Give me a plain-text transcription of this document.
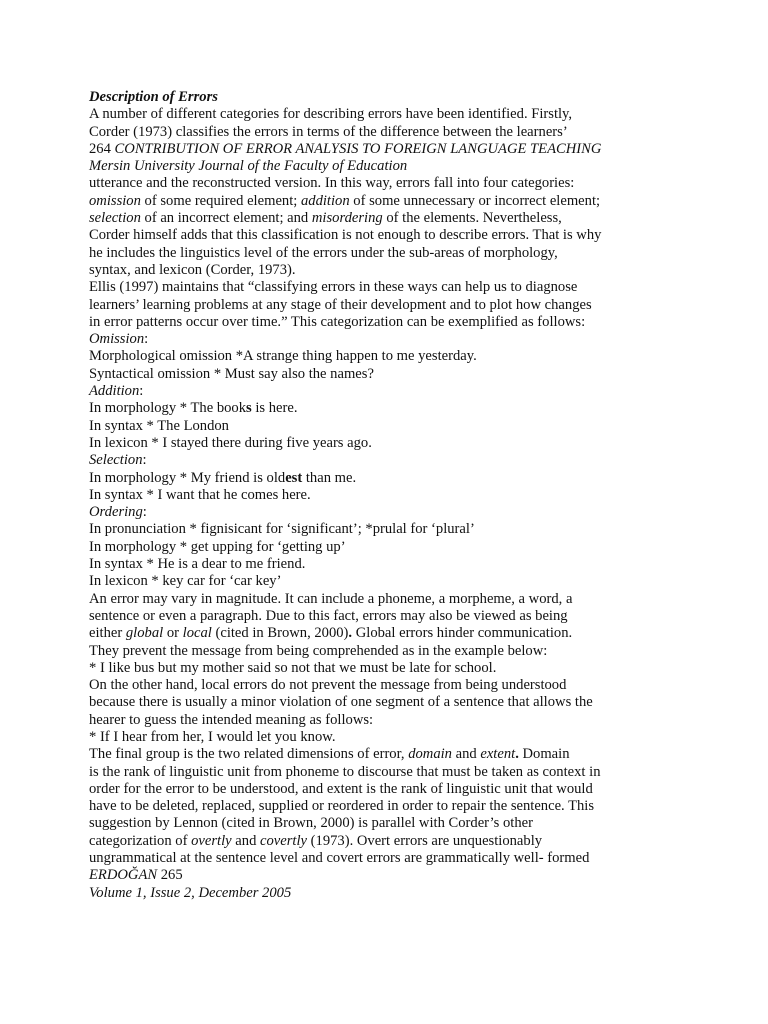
Description of Errors
A number of different categories for describing errors have been identified. Firstly,
Corder (1973) classifies the errors in terms of the difference between the learners’
264 CONTRIBUTION OF ERROR ANALYSIS TO FOREIGN LANGUAGE TEACHING
Mersin University Journal of the Faculty of Education
utterance and the reconstructed version. In this way, errors fall into four categories:
omission of some required element; addition of some unnecessary or incorrect element;
selection of an incorrect element; and misordering of the elements. Nevertheless,
Corder himself adds that this classification is not enough to describe errors. That is why
he includes the linguistics level of the errors under the sub-areas of morphology,
syntax, and lexicon (Corder, 1973).
Ellis (1997) maintains that “classifying errors in these ways can help us to diagnose
learners’ learning problems at any stage of their development and to plot how changes
in error patterns occur over time.” This categorization can be exemplified as follows:
Omission:
Morphological omission *A strange thing happen to me yesterday.
Syntactical omission * Must say also the names?
Addition:
In morphology * The books is here.
In syntax * The London
In lexicon * I stayed there during five years ago.
Selection:
In morphology * My friend is oldest than me.
In syntax * I want that he comes here.
Ordering:
In pronunciation * fignisicant for ‘significant’; *prulal for ‘plural’
In morphology * get upping for ‘getting up’
In syntax * He is a dear to me friend.
In lexicon * key car for ‘car key’
An error may vary in magnitude. It can include a phoneme, a morpheme, a word, a
sentence or even a paragraph. Due to this fact, errors may also be viewed as being
either global or local (cited in Brown, 2000). Global errors hinder communication.
They prevent the message from being comprehended as in the example below:
* I like bus but my mother said so not that we must be late for school.
On the other hand, local errors do not prevent the message from being understood
because there is usually a minor violation of one segment of a sentence that allows the
hearer to guess the intended meaning as follows:
* If I hear from her, I would let you know.
The final group is the two related dimensions of error, domain and extent. Domain
is the rank of linguistic unit from phoneme to discourse that must be taken as context in
order for the error to be understood, and extent is the rank of linguistic unit that would
have to be deleted, replaced, supplied or reordered in order to repair the sentence. This
suggestion by Lennon (cited in Brown, 2000) is parallel with Corder’s other
categorization of overtly and covertly (1973). Overt errors are unquestionably
ungrammatical at the sentence level and covert errors are grammatically well- formed
ERDOĞAN 265
Volume 1, Issue 2, December 2005
